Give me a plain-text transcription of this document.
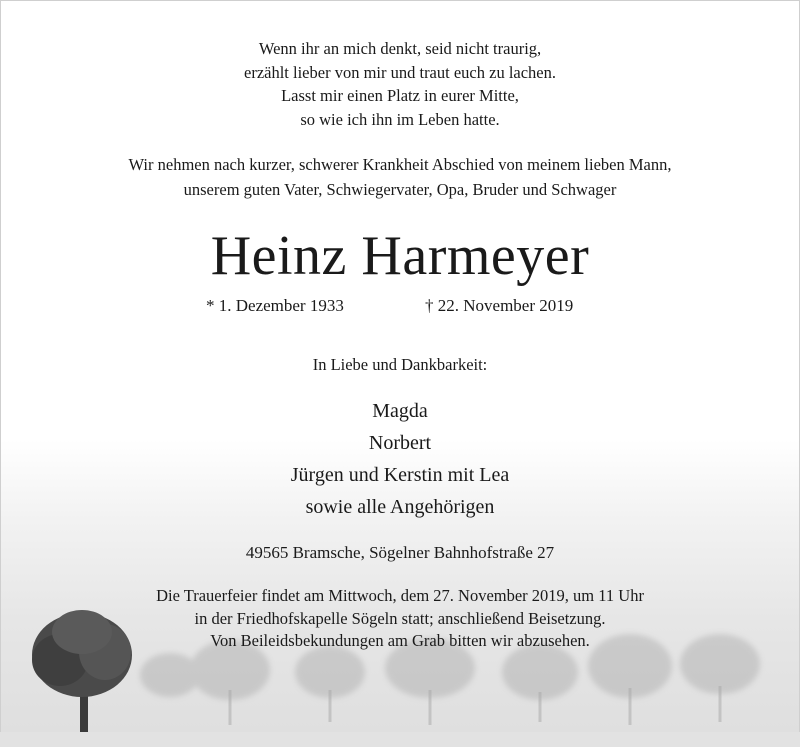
Wenn ihr an mich denkt, seid nicht traurig,
erzählt lieber von mir und traut euch zu lachen.
Lasst mir einen Platz in eurer Mitte,
so wie ich ihn im Leben hatte.
Wir nehmen nach kurzer, schwerer Krankheit Abschied von meinem lieben Mann,
unserem guten Vater, Schwiegervater, Opa, Bruder und Schwager
Heinz Harmeyer
* 1. Dezember 1933	† 22. November 2019
In Liebe und Dankbarkeit:
Magda
Norbert
Jürgen und Kerstin mit Lea
sowie alle Angehörigen
49565 Bramsche, Sögelner Bahnhofstraße 27
Die Trauerfeier findet am Mittwoch, dem 27. November 2019, um 11 Uhr
in der Friedhofskapelle Sögeln statt; anschließend Beisetzung.
Von Beileidsbekundungen am Grab bitten wir abzusehen.
